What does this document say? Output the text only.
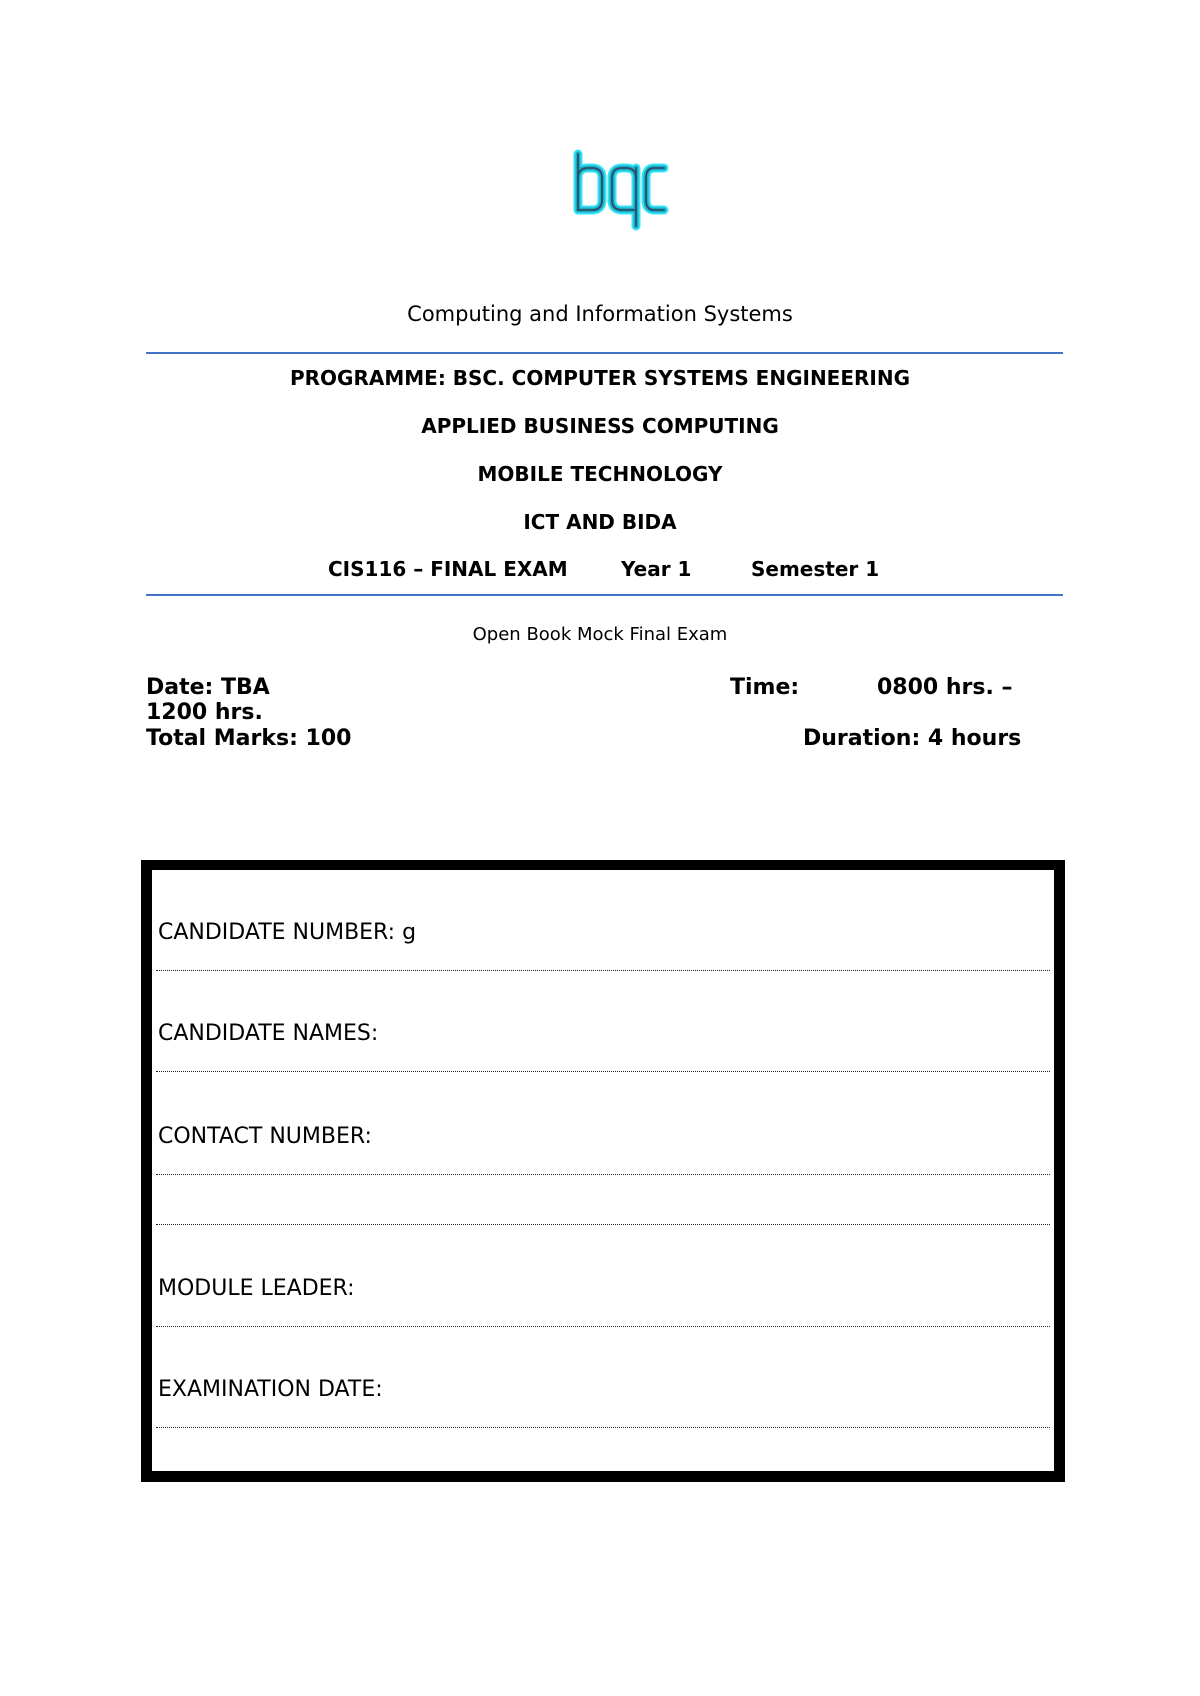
Computing and Information Systems
PROGRAMME: BSC. COMPUTER SYSTEMS ENGINEERING
APPLIED BUSINESS COMPUTING
MOBILE TECHNOLOGY
ICT AND BIDA
CIS116 – FINAL EXAM	Year 1	Semester 1
Open Book Mock Final Exam
Date: TBA	Time:	0800 hrs. –
1200 hrs.
Total Marks: 100	Duration: 4 hours
CANDIDATE NUMBER: g
CANDIDATE NAMES:
CONTACT NUMBER:
MODULE LEADER:
EXAMINATION DATE:
